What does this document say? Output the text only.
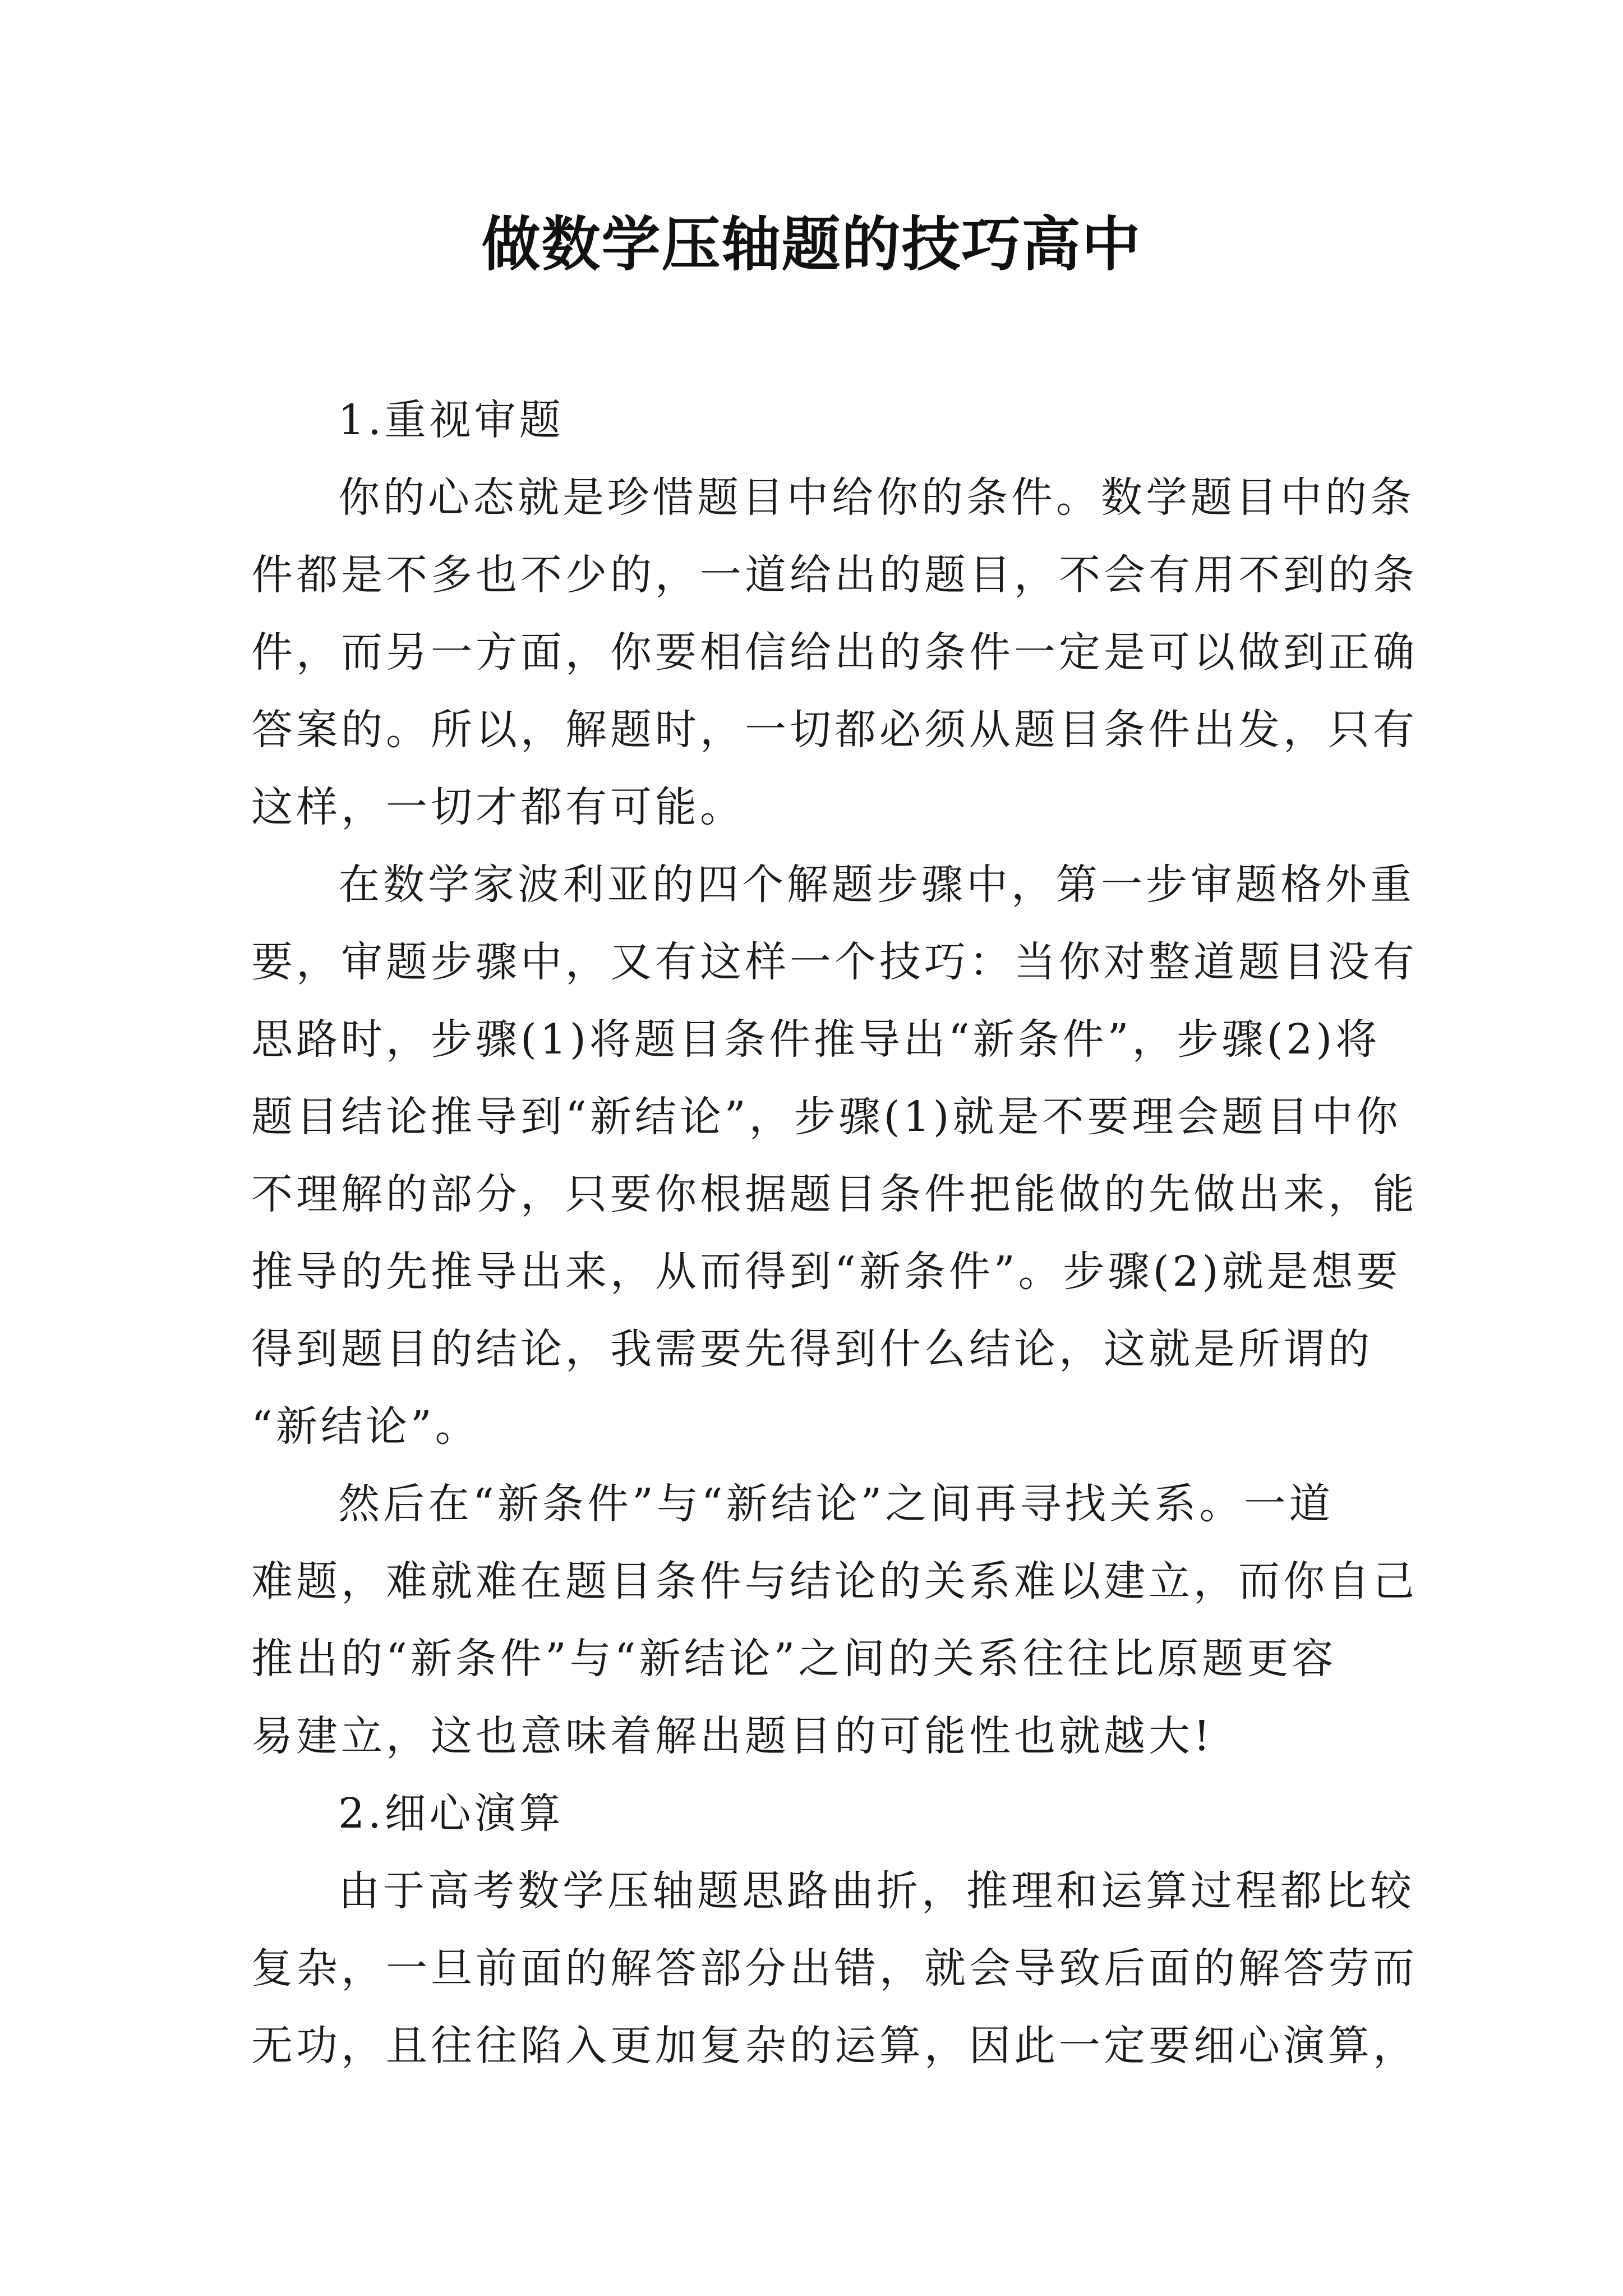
做数学压轴题的技巧高中
1.重视审题
你的心态就是珍惜题目中给你的条件。数学题目中的条
件都是不多也不少的，一道给出的题目，不会有用不到的条
件，而另一方面，你要相信给出的条件一定是可以做到正确
答案的。所以，解题时，一切都必须从题目条件出发，只有
这样，一切才都有可能。
在数学家波利亚的四个解题步骤中，第一步审题格外重
要，审题步骤中，又有这样一个技巧：当你对整道题目没有
思路时，步骤(1)将题目条件推导出“新条件”，步骤(2)将
题目结论推导到“新结论”，步骤(1)就是不要理会题目中你
不理解的部分，只要你根据题目条件把能做的先做出来，能
推导的先推导出来，从而得到“新条件”。步骤(2)就是想要
得到题目的结论，我需要先得到什么结论，这就是所谓的
“新结论”。
然后在“新条件”与“新结论”之间再寻找关系。一道
难题，难就难在题目条件与结论的关系难以建立，而你自己
推出的“新条件”与“新结论”之间的关系往往比原题更容
易建立，这也意味着解出题目的可能性也就越大!
2.细心演算
由于高考数学压轴题思路曲折，推理和运算过程都比较
复杂，一旦前面的解答部分出错，就会导致后面的解答劳而
无功，且往往陷入更加复杂的运算，因此一定要细心演算，
